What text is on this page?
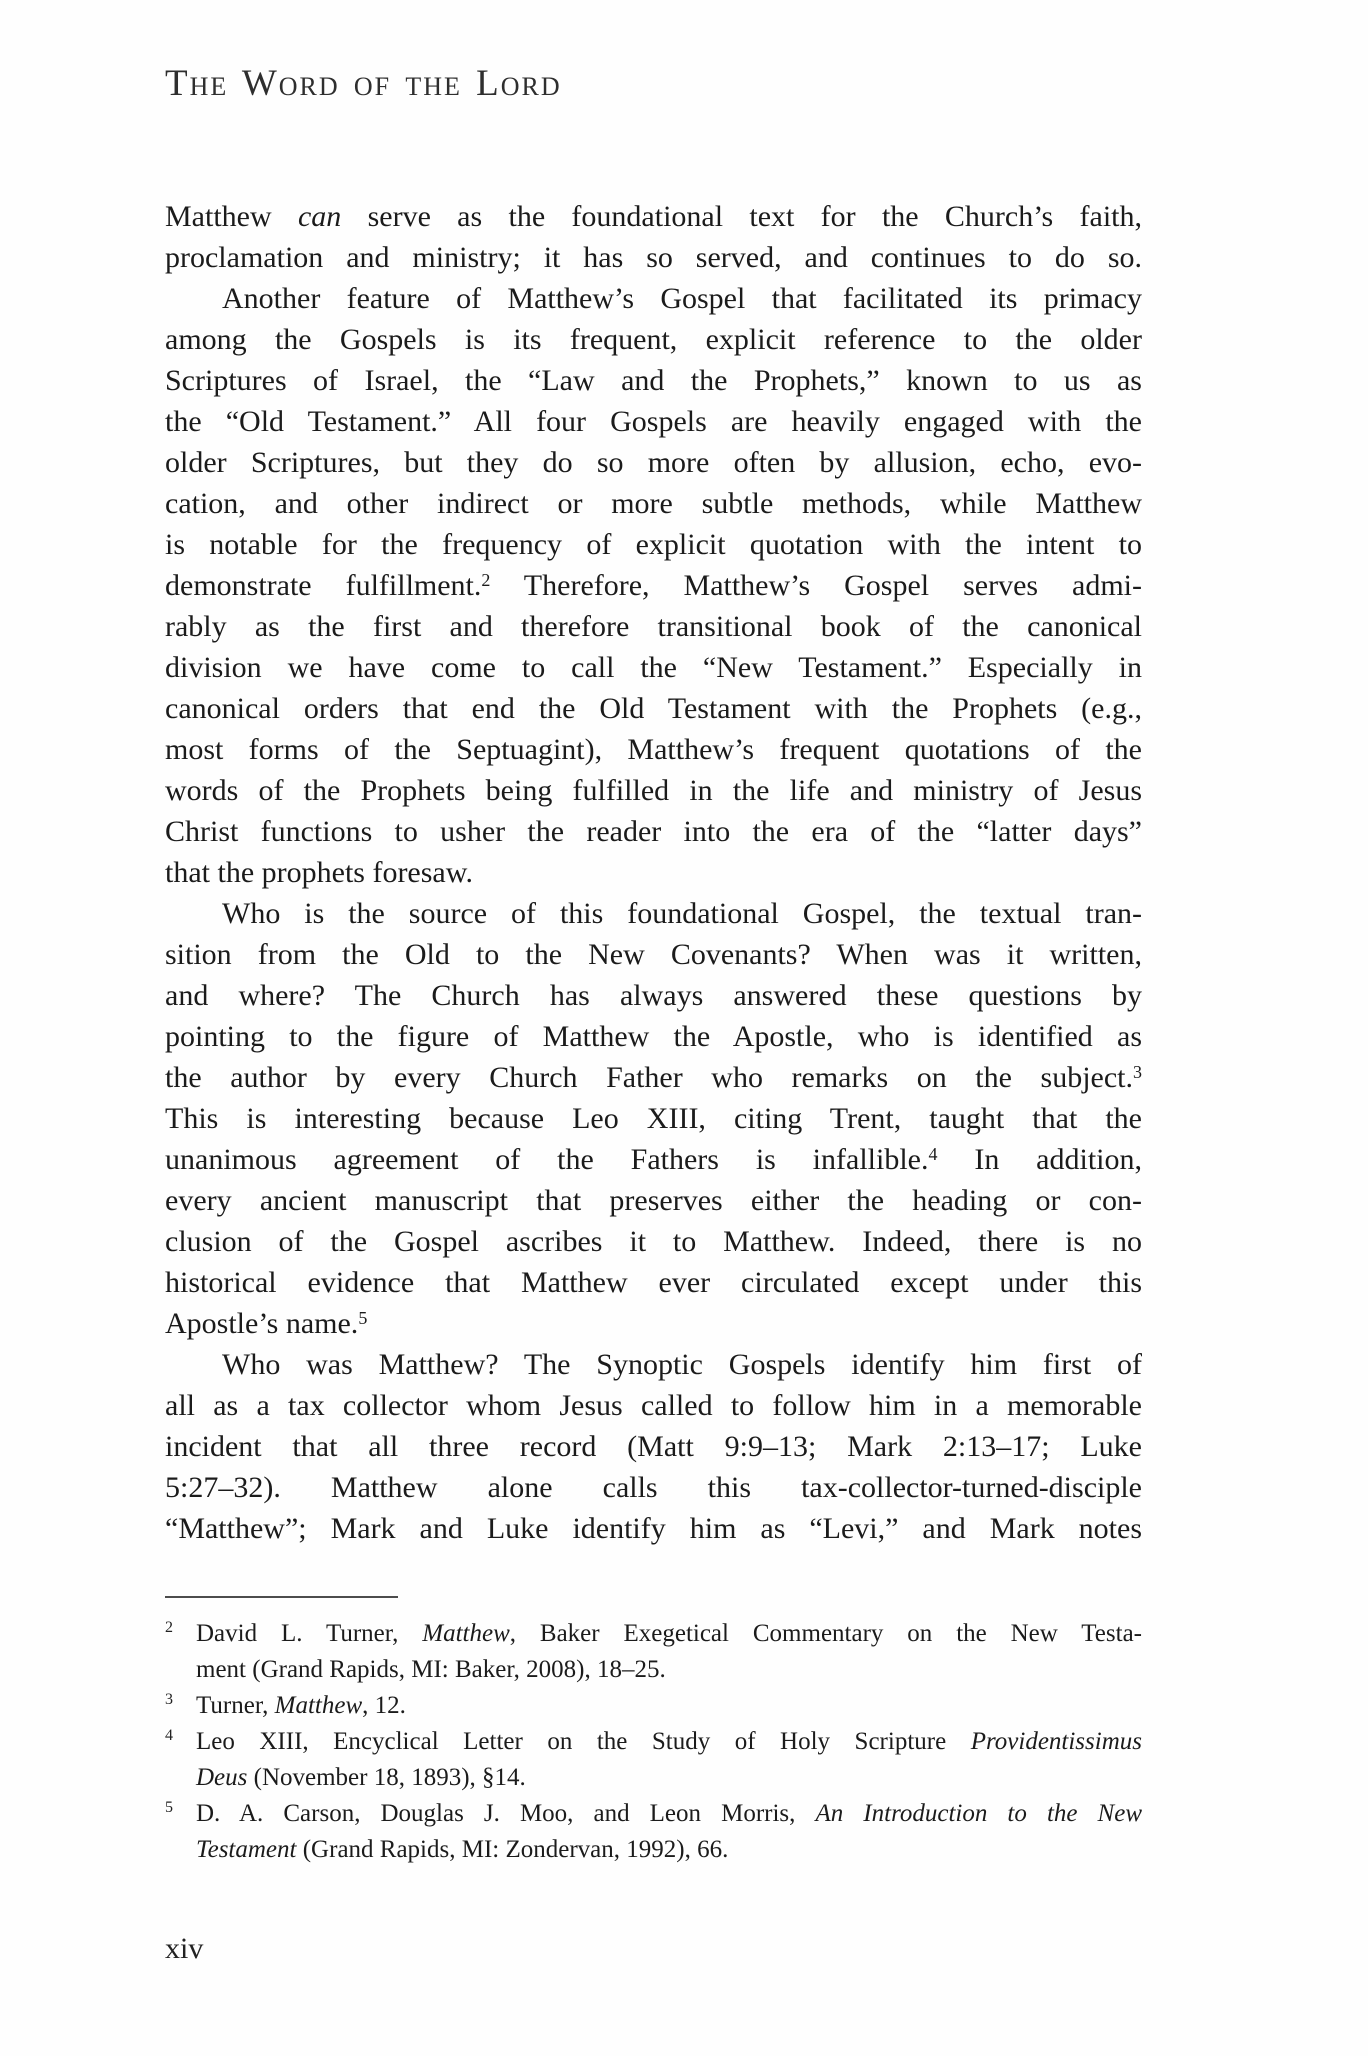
The Word of the Lord
Matthew can serve as the foundational text for the Church’s faith,
proclamation and ministry; it has so served, and continues to do so.
Another feature of Matthew’s Gospel that facilitated its primacy
among the Gospels is its frequent, explicit reference to the older
Scriptures of Israel, the “Law and the Prophets,” known to us as
the “Old Testament.” All four Gospels are heavily engaged with the
older Scriptures, but they do so more often by allusion, echo, evo-
cation, and other indirect or more subtle methods, while Matthew
is notable for the frequency of explicit quotation with the intent to
demonstrate fulfillment.$^2$ Therefore, Matthew’s Gospel serves admi-
rably as the first and therefore transitional book of the canonical
division we have come to call the “New Testament.” Especially in
canonical orders that end the Old Testament with the Prophets (e.g.,
most forms of the Septuagint), Matthew’s frequent quotations of the
words of the Prophets being fulfilled in the life and ministry of Jesus
Christ functions to usher the reader into the era of the “latter days”
that the prophets foresaw.
Who is the source of this foundational Gospel, the textual tran-
sition from the Old to the New Covenants? When was it written,
and where? The Church has always answered these questions by
pointing to the figure of Matthew the Apostle, who is identified as
the author by every Church Father who remarks on the subject.$^3$
This is interesting because Leo XIII, citing Trent, taught that the
unanimous agreement of the Fathers is infallible.$^4$ In addition,
every ancient manuscript that preserves either the heading or con-
clusion of the Gospel ascribes it to Matthew. Indeed, there is no
historical evidence that Matthew ever circulated except under this
Apostle’s name.$^5$
Who was Matthew? The Synoptic Gospels identify him first of
all as a tax collector whom Jesus called to follow him in a memorable
incident that all three record (Matt 9:9–13; Mark 2:13–17; Luke
5:27–32). Matthew alone calls this tax-collector-turned-disciple
“Matthew”; Mark and Luke identify him as “Levi,” and Mark notes
2 David L. Turner, Matthew, Baker Exegetical Commentary on the New Testa-
ment (Grand Rapids, MI: Baker, 2008), 18–25.
3 Turner, Matthew, 12.
4 Leo XIII, Encyclical Letter on the Study of Holy Scripture Providentissimus
Deus (November 18, 1893), §14.
5 D. A. Carson, Douglas J. Moo, and Leon Morris, An Introduction to the New
Testament (Grand Rapids, MI: Zondervan, 1992), 66.
xiv
